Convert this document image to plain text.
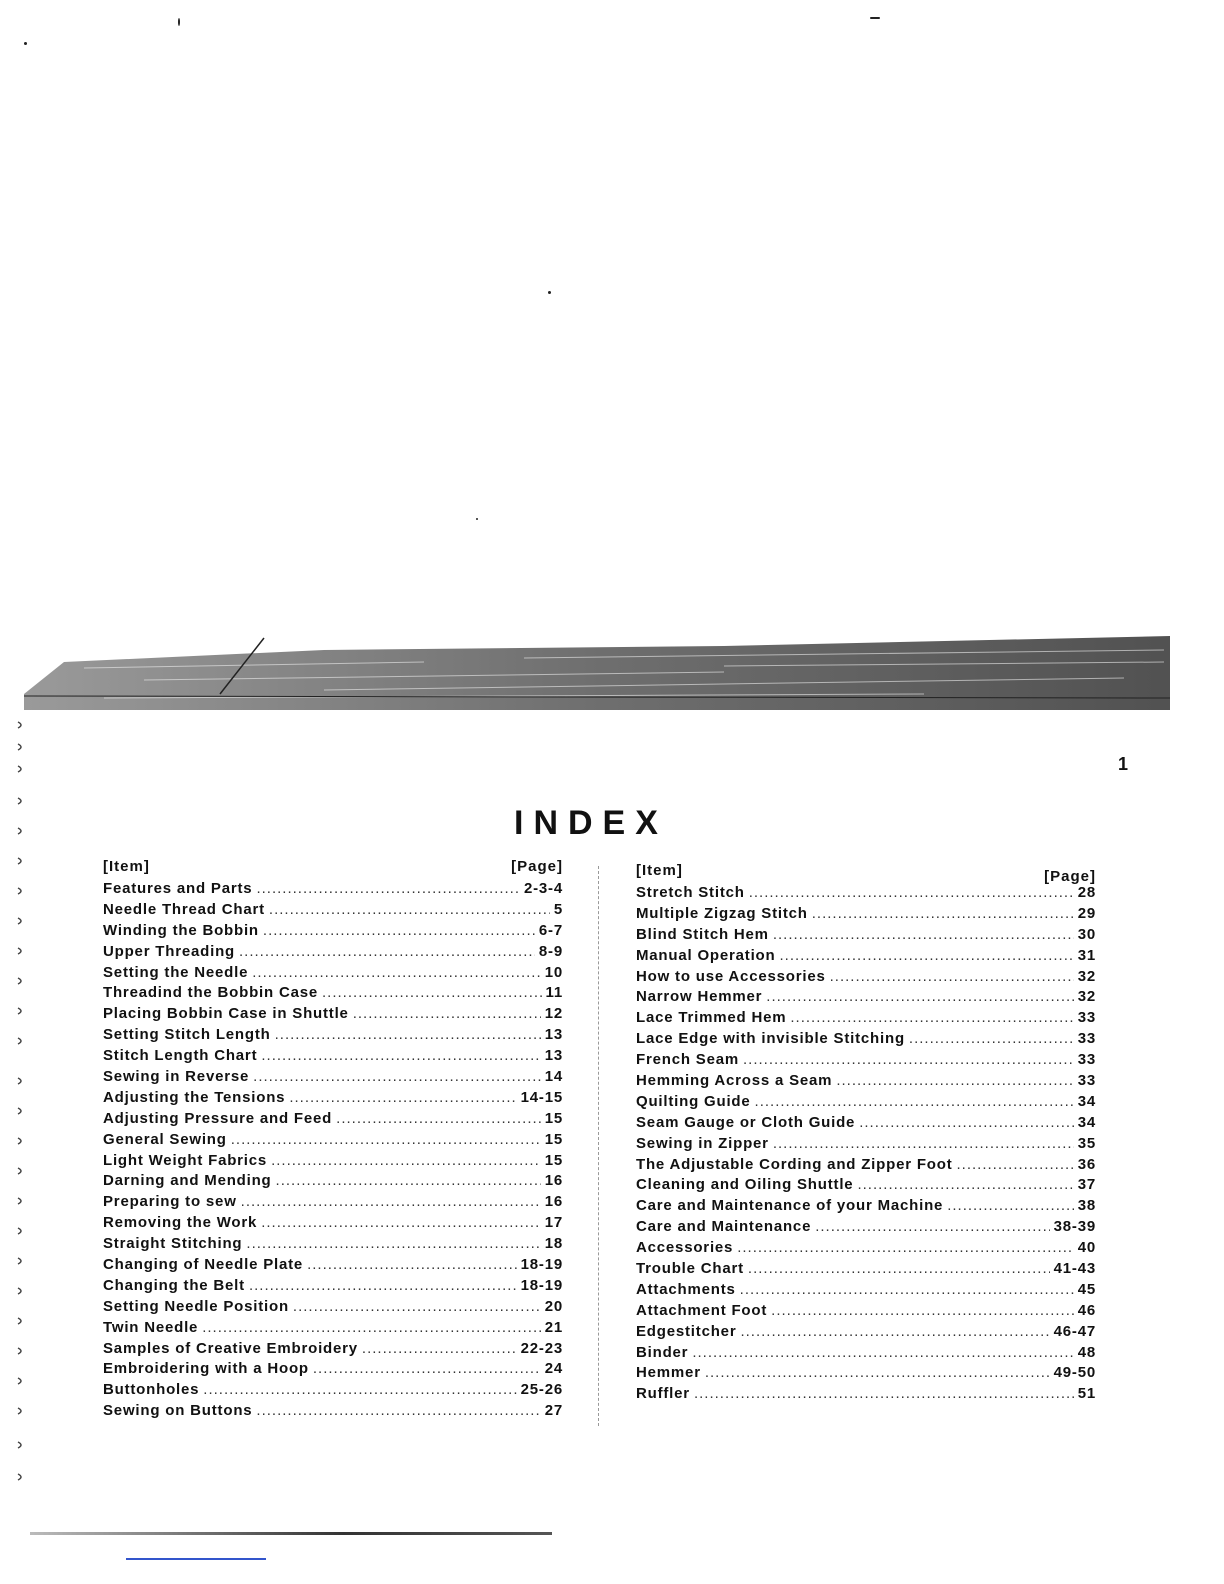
1
INDEX
[Item]	[Page]
Features and Parts .....	2-3-4
Needle Thread Chart .....	5
Winding the Bobbin .....	6-7
Upper Threading .....	8-9
Setting the Needle .....	10
Threadind the Bobbin Case .....	11
Placing Bobbin Case in Shuttle .....	12
Setting Stitch Length .....	13
Stitch Length Chart .....	13
Sewing in Reverse .....	14
Adjusting the Tensions .....	14-15
Adjusting Pressure and Feed .....	15
General Sewing .....	15
Light Weight Fabrics .....	15
Darning and Mending .....	16
Preparing to sew .....	16
Removing the Work .....	17
Straight Stitching .....	18
Changing of Needle Plate .....	18-19
Changing the Belt .....	18-19
Setting Needle Position .....	20
Twin Needle .....	21
Samples of Creative Embroidery .....	22-23
Embroidering with a Hoop .....	24
Buttonholes .....	25-26
Sewing on Buttons .....	27
[Item]	[Page]
Stretch Stitch .....	28
Multiple Zigzag Stitch .....	29
Blind Stitch Hem .....	30
Manual Operation .....	31
How to use Accessories .....	32
Narrow Hemmer .....	32
Lace Trimmed Hem .....	33
Lace Edge with invisible Stitching .....	33
French Seam .....	33
Hemming Across a Seam .....	33
Quilting Guide .....	34
Seam Gauge or Cloth Guide .....	34
Sewing in Zipper .....	35
The Adjustable Cording and Zipper Foot .....	36
Cleaning and Oiling Shuttle .....	37
Care and Maintenance of your Machine .....	38
Care and Maintenance .....	38-39
Accessories .....	40
Trouble Chart .....	41-43
Attachments .....	45
Attachment Foot .....	46
Edgestitcher .....	46-47
Binder .....	48
Hemmer .....	49-50
Ruffler .....	51
